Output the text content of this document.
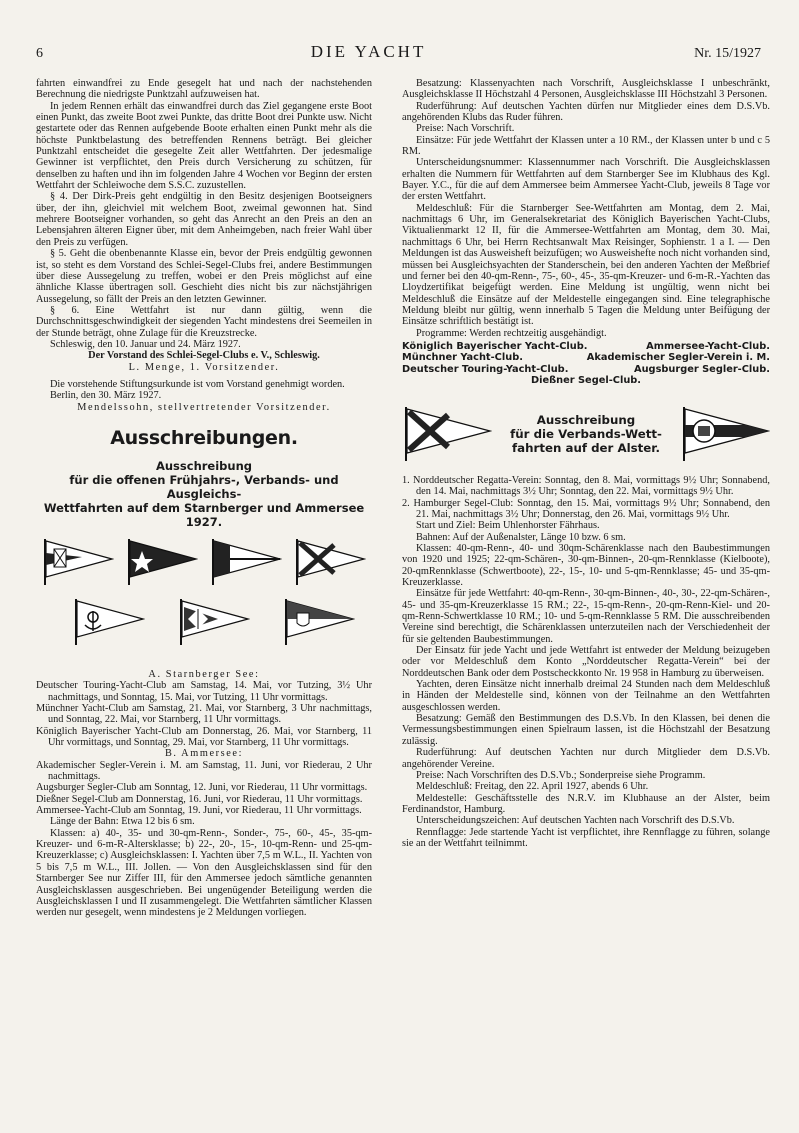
6	DIE YACHT	Nr. 15/1927

fahrten einwandfrei zu Ende gesegelt hat und nach der nachstehenden Berechnung die niedrigste Punktzahl aufzuweisen hat.

In jedem Rennen erhält das einwandfrei durch das Ziel gegangene erste Boot einen Punkt, das zweite Boot zwei Punkte, das dritte Boot drei Punkte usw. Nicht gestartete oder das Rennen aufgebende Boote erhalten einen Punkt mehr als die höchste Punktbelastung des betreffenden Rennens beträgt. Bei gleicher Punktzahl entscheidet die gesegelte Zeit aller Wettfahrten. Der jedesmalige Gewinner ist verpflichtet, den Preis durch Versicherung zu schützen, für denselben zu haften und ihn im folgenden Jahre 4 Wochen vor Beginn der ersten Wettfahrt der Schleiwoche dem S.S.C. zuzustellen.

§ 4. Der Dirk-Preis geht endgültig in den Besitz desjenigen Bootseigners über, der ihn, gleichviel mit welchem Boot, zweimal gewonnen hat. Sind mehrere Bootseigner vorhanden, so geht das Anrecht an den Preis an den an Lebensjahren älteren Eigner über, mit dem Anheimgeben, nach freier Wahl über den Preis zu verfügen.

§ 5. Geht die obenbenannte Klasse ein, bevor der Preis endgültig gewonnen ist, so steht es dem Vorstand des Schlei-Segel-Clubs frei, andere Bestimmungen über diese Aussegelung zu treffen, wobei er den Preis möglichst auf eine ähnliche Klasse übertragen soll. Geschieht dies nicht bis zur nächstjährigen Aussegelung, so fällt der Preis an den letzten Gewinner.

§ 6. Eine Wettfahrt ist nur dann gültig, wenn die Durchschnittsgeschwindigkeit der siegenden Yacht mindestens drei Seemeilen in der Stunde beträgt, ohne Zulage für die Kreuzstrecke.

Schleswig, den 10. Januar und 24. März 1927.

Der Vorstand des Schlei-Segel-Clubs e. V., Schleswig.

L. Menge, 1. Vorsitzender.

Die vorstehende Stiftungsurkunde ist vom Vorstand genehmigt worden.

Berlin, den 30. März 1927.

Mendelssohn, stellvertretender Vorsitzender.

Ausschreibungen.
Ausschreibung
für die offenen Frühjahrs-, Verbands- und Ausgleichs-
Wettfahrten auf dem Starnberger und Ammersee 1927.

A. Starnberger See:

Deutscher Touring-Yacht-Club am Samstag, 14. Mai, vor Tutzing, 3½ Uhr nachmittags, und Sonntag, 15. Mai, vor Tutzing, 11 Uhr vormittags.

Münchner Yacht-Club am Samstag, 21. Mai, vor Starnberg, 3 Uhr nachmittags, und Sonntag, 22. Mai, vor Starnberg, 11 Uhr vormittags.

Königlich Bayerischer Yacht-Club am Donnerstag, 26. Mai, vor Starnberg, 11 Uhr vormittags, und Sonntag, 29. Mai, vor Starnberg, 11 Uhr vormittags.

B. Ammersee:

Akademischer Segler-Verein i. M. am Samstag, 11. Juni, vor Riederau, 2 Uhr nachmittags.

Augsburger Segler-Club am Sonntag, 12. Juni, vor Riederau, 11 Uhr vormittags.

Dießner Segel-Club am Donnerstag, 16. Juni, vor Riederau, 11 Uhr vormittags.

Ammersee-Yacht-Club am Sonntag, 19. Juni, vor Riederau, 11 Uhr vormittags.

Länge der Bahn: Etwa 12 bis 6 sm.

Klassen: a) 40-, 35- und 30-qm-Renn-, Sonder-, 75-, 60-, 45-, 35-qm-Kreuzer- und 6-m-R-Altersklasse; b) 22-, 20-, 15-, 10-qm-Renn- und 25-qm-Kreuzerklasse; c) Ausgleichsklassen: I. Yachten über 7,5 m W.L., II. Yachten von 5 bis 7,5 m W.L., III. Jollen. — Von den Ausgleichsklassen sind für den Starnberger See nur Ziffer III, für den Ammersee jedoch sämtliche genannten Ausgleichsklassen ausgeschrieben. Bei ungenügender Beteiligung werden die Ausgleichsklassen I und II zusammengelegt. Die Wettfahrten sämtlicher Klassen werden nur gesegelt, wenn mindestens je 2 Meldungen vorliegen.

Besatzung: Klassenyachten nach Vorschrift, Ausgleichsklasse I unbeschränkt, Ausgleichsklasse II Höchstzahl 4 Personen, Ausgleichsklasse III Höchstzahl 3 Personen.

Ruderführung: Auf deutschen Yachten dürfen nur Mitglieder eines dem D.S.Vb. angehörenden Klubs das Ruder führen.

Preise: Nach Vorschrift.

Einsätze: Für jede Wettfahrt der Klassen unter a 10 RM., der Klassen unter b und c 5 RM.

Unterscheidungsnummer: Klassennummer nach Vorschrift. Die Ausgleichsklassen erhalten die Nummern für Wettfahrten auf dem Starnberger See im Klubhaus des Kgl. Bayer. Y.C., für die auf dem Ammersee beim Ammersee Yacht-Club, jeweils 8 Tage vor der ersten Wettfahrt.

Meldeschluß: Für die Starnberger See-Wettfahrten am Montag, dem 2. Mai, nachmittags 6 Uhr, im Generalsekretariat des Königlich Bayerischen Yacht-Clubs, Viktualienmarkt 12 II, für die Ammersee-Wettfahrten am Montag, dem 30. Mai, nachmittags 6 Uhr, bei Herrn Rechtsanwalt Max Reisinger, Sophienstr. 1 a I. — Den Meldungen ist das Ausweisheft beizufügen; wo Ausweishefte noch nicht vorhanden sind, müssen bei Ausgleichsyachten der Standerschein, bei den anderen Yachten der Meßbrief und ferner bei den 40-qm-Renn-, 75-, 60-, 45-, 35-qm-Kreuzer- und 6-m-R.-Yachten das Lloydzertifikat beigefügt werden. Eine Meldung ist ungültig, wenn nicht bei Meldeschluß die Einsätze auf der Meldestelle eingegangen sind. Eine telegraphische Meldung bleibt nur gültig, wenn innerhalb 5 Tagen die Meldung unter Beifügung der Einsätze schriftlich bestätigt ist.

Programme: Werden rechtzeitig ausgehändigt.

Königlich Bayerischer Yacht-Club.	Ammersee-Yacht-Club.
Münchner Yacht-Club.	Akademischer Segler-Verein i. M.
Deutscher Touring-Yacht-Club.	Augsburger Segler-Club.
Dießner Segel-Club.
Ausschreibung
für die Verbands-Wett-
fahrten auf der Alster.

1. Norddeutscher Regatta-Verein: Sonntag, den 8. Mai, vormittags 9½ Uhr; Sonnabend, den 14. Mai, nachmittags 3½ Uhr; Sonntag, den 22. Mai, vormittags 9½ Uhr.

2. Hamburger Segel-Club: Sonntag, den 15. Mai, vormittags 9½ Uhr; Sonnabend, den 21. Mai, nachmittags 3½ Uhr; Donnerstag, den 26. Mai, vormittags 9½ Uhr.

Start und Ziel: Beim Uhlenhorster Fährhaus.

Bahnen: Auf der Außenalster, Länge 10 bzw. 6 sm.

Klassen: 40-qm-Renn-, 40- und 30qm-Schärenklasse nach den Baubestimmungen von 1920 und 1925; 22-qm-Schären-, 30-qm-Binnen-, 20-qm-Rennklasse (Kielboote), 20-qmRennklasse (Schwertboote), 22-, 15-, 10- und 5-qm-Rennklasse; 45- und 35-qm-Kreuzerklasse.

Einsätze für jede Wettfahrt: 40-qm-Renn-, 30-qm-Binnen-, 40-, 30-, 22-qm-Schären-, 45- und 35-qm-Kreuzerklasse 15 RM.; 22-, 15-qm-Renn-, 20-qm-Renn-Kiel- und 20-qm-Renn-Schwertklasse 10 RM.; 10- und 5-qm-Rennklasse 5 RM. Die ausschreibenden Vereine sind berechtigt, die Schärenklassen unterzuteilen nach der Verschiedenheit der für sie geltenden Baubestimmungen.

Der Einsatz für jede Yacht und jede Wettfahrt ist entweder der Meldung beizugeben oder vor Meldeschluß dem Konto „Norddeutscher Regatta-Verein“ bei der Norddeutschen Bank oder dem Postscheckkonto Nr. 19 958 in Hamburg zu überweisen.

Yachten, deren Einsätze nicht innerhalb dreimal 24 Stunden nach dem Meldeschluß in Händen der Meldestelle sind, können von der Teilnahme an den Wettfahrten ausgeschlossen werden.

Besatzung: Gemäß den Bestimmungen des D.S.Vb. In den Klassen, bei denen die Vermessungsbestimmungen einen Spielraum lassen, ist die Höchstzahl der Besatzung zulässig.

Ruderführung: Auf deutschen Yachten nur durch Mitglieder dem D.S.Vb. angehörender Vereine.

Preise: Nach Vorschriften des D.S.Vb.; Sonderpreise siehe Programm.

Meldeschluß: Freitag, den 22. April 1927, abends 6 Uhr.

Meldestelle: Geschäftsstelle des N.R.V. im Klubhause an der Alster, beim Ferdinandstor, Hamburg.

Unterscheidungszeichen: Auf deutschen Yachten nach Vorschrift des D.S.Vb.

Rennflagge: Jede startende Yacht ist verpflichtet, ihre Rennflagge zu führen, solange sie an der Wettfahrt teilnimmt.
